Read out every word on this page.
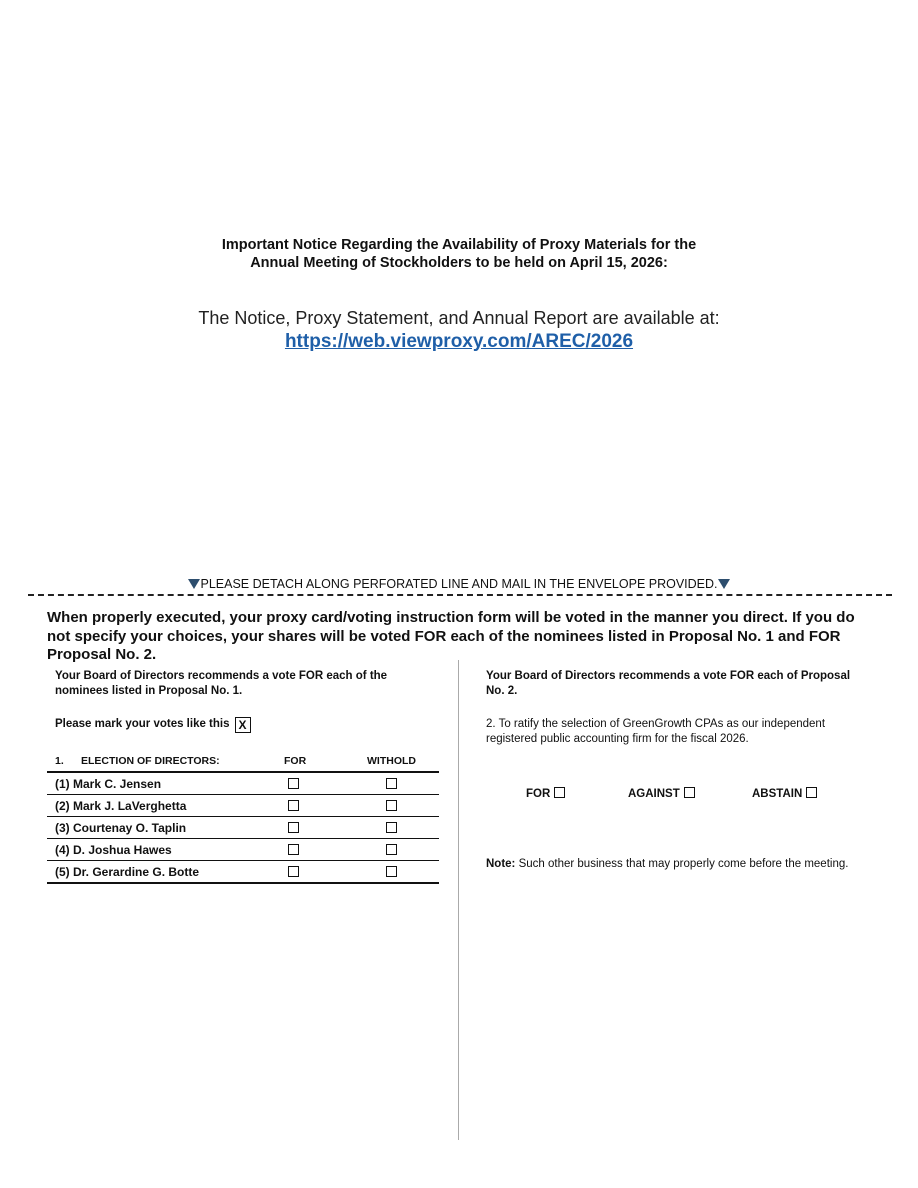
Important Notice Regarding the Availability of Proxy Materials for the
Annual Meeting of Stockholders to be held on April 15, 2026:
The Notice, Proxy Statement, and Annual Report are available at:
https://web.viewproxy.com/AREC/2026
PLEASE DETACH ALONG PERFORATED LINE AND MAIL IN THE ENVELOPE PROVIDED.
When properly executed, your proxy card/voting instruction form will be voted in the manner you direct. If you do not specify your choices, your shares will be voted FOR each of the nominees listed in Proposal No. 1 and FOR Proposal No. 2.
Your Board of Directors recommends a vote FOR each of the nominees listed in Proposal No. 1.
Please mark your votes like this X
1. ELECTION OF DIRECTORS:	FOR	WITHOLD
(1) Mark C. Jensen
(2) Mark J. LaVerghetta
(3) Courtenay O. Taplin
(4) D. Joshua Hawes
(5) Dr. Gerardine G. Botte
Your Board of Directors recommends a vote FOR each of Proposal No. 2.
2. To ratify the selection of GreenGrowth CPAs as our independent registered public accounting firm for the fiscal 2026.
FOR	AGAINST	ABSTAIN
Note: Such other business that may properly come before the meeting.
